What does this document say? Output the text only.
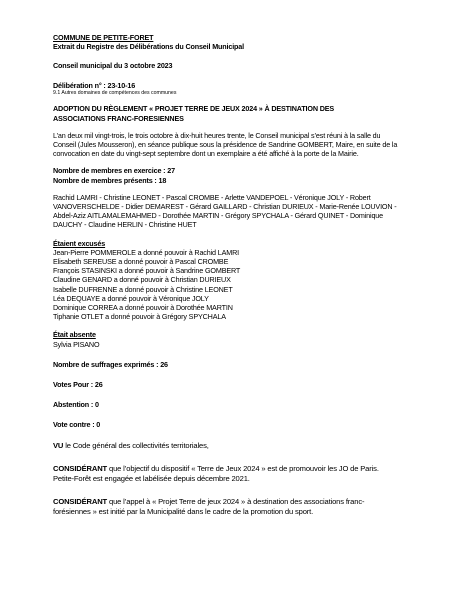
COMMUNE DE PETITE-FORET

Extrait du Registre des Délibérations du Conseil Municipal

Conseil municipal du 3 octobre 2023

Délibération n° : 23-10-16

9.1 Autres domaines de compétences des communes

ADOPTION DU RÈGLEMENT « PROJET TERRE DE JEUX 2024 » À DESTINATION DES
ASSOCIATIONS FRANC-FORESIENNES
L’an deux mil vingt-trois, le trois octobre à dix-huit heures trente, le Conseil municipal s’est réuni à la salle du
Conseil (Jules Mousseron), en séance publique sous la présidence de Sandrine GOMBERT, Maire, en suite de la
convocation en date du vingt-sept septembre dont un exemplaire a été affiché à la porte de la Mairie.
Nombre de membres en exercice : 27
Nombre de membres présents : 18
Rachid LAMRI - Christine LEONET - Pascal CROMBE - Arlette VANDEPOEL - Véronique JOLY - Robert
VANOVERSCHELDE - Didier DEMAREST - Gérard GAILLARD - Christian DURIEUX - Marie-Renée LOUVION -
Abdel-Aziz AITLAMALEMAHMED - Dorothée MARTIN - Grégory SPYCHALA - Gérard QUINET - Dominique
DAUCHY - Claudine HERLIN - Christine HUET
Étaient excusés
Jean-Pierre POMMEROLE a donné pouvoir à Rachid LAMRI
Elisabeth SEREUSE a donné pouvoir à Pascal CROMBE
François STASINSKI a donné pouvoir à Sandrine GOMBERT
Claudine GENARD a donné pouvoir à Christian DURIEUX
Isabelle DUFRENNE a donné pouvoir à Christine LEONET
Léa DEQUAYE a donné pouvoir à Véronique JOLY
Dominique CORREA a donné pouvoir à Dorothée MARTIN
Tiphanie OTLET a donné pouvoir à Grégory SPYCHALA
Était absente
Sylvia PISANO

Nombre de suffrages exprimés : 26

Votes Pour : 26

Abstention : 0

Vote contre : 0

VU le Code général des collectivités territoriales,

CONSIDÉRANT que l’objectif du dispositif « Terre de Jeux 2024 » est de promouvoir les JO de Paris.
Petite-Forêt est engagée et labélisée depuis décembre 2021.
CONSIDÉRANT que l’appel à « Projet Terre de jeux 2024 » à destination des associations franc-
forésiennes » est initié par la Municipalité dans le cadre de la promotion du sport.
